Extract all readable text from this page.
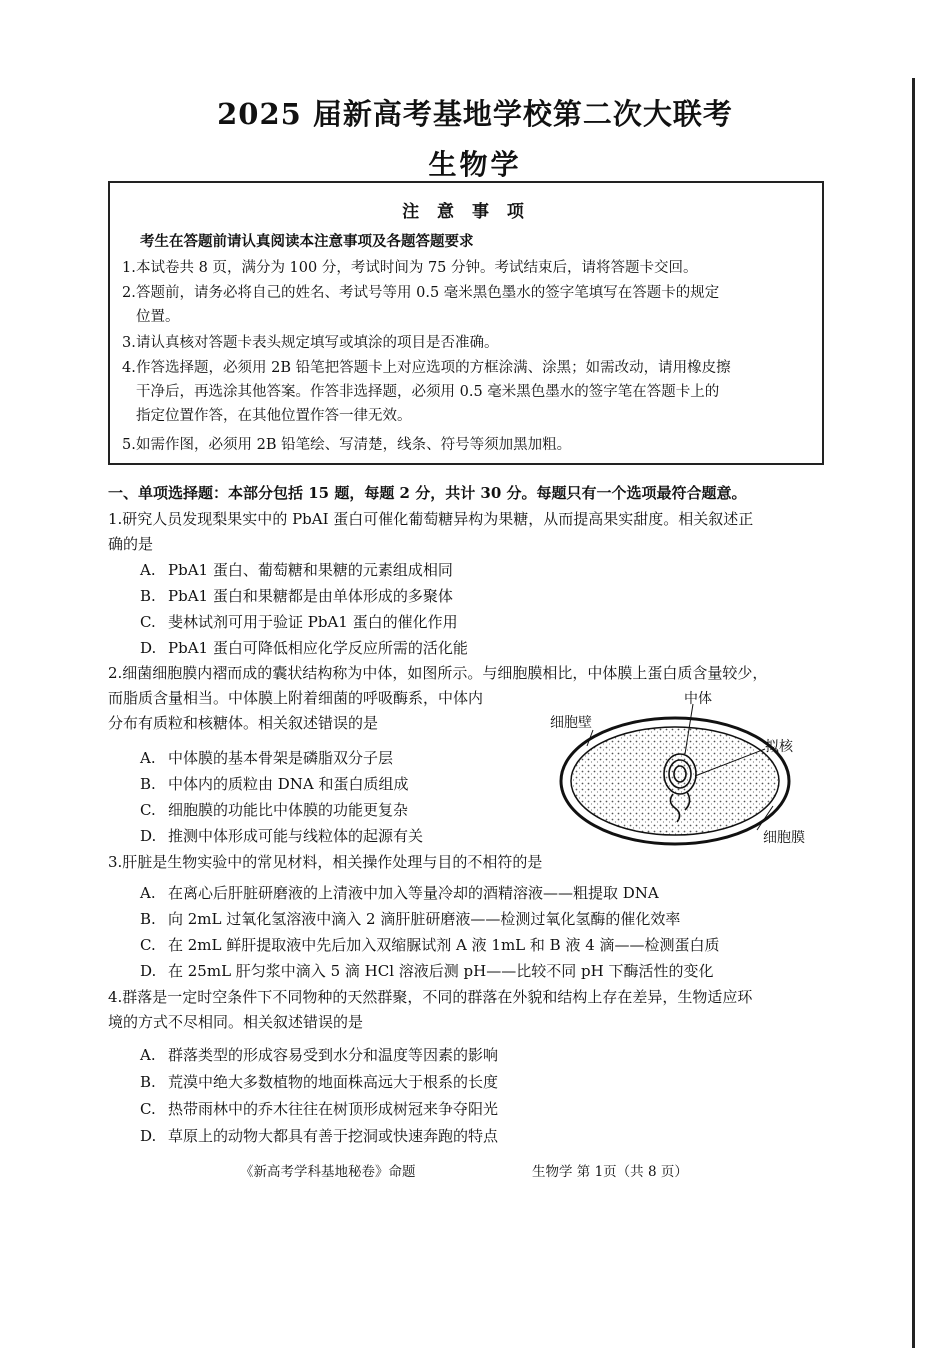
2025 届新高考基地学校第二次大联考
生物学
注 意 事 项
考生在答题前请认真阅读本注意事项及各题答题要求
1.本试卷共 8 页，满分为 100 分，考试时间为 75 分钟。考试结束后，请将答题卡交回。
2.答题前，请务必将自己的姓名、考试号等用 0.5 毫米黑色墨水的签字笔填写在答题卡的规定
位置。
3.请认真核对答题卡表头规定填写或填涂的项目是否准确。
4.作答选择题，必须用 2B 铅笔把答题卡上对应选项的方框涂满、涂黑；如需改动，请用橡皮擦
干净后，再选涂其他答案。作答非选择题，必须用 0.5 毫米黑色墨水的签字笔在答题卡上的
指定位置作答，在其他位置作答一律无效。
5.如需作图，必须用 2B 铅笔绘、写清楚，线条、符号等须加黑加粗。
一、单项选择题：本部分包括 15 题，每题 2 分，共计 30 分。每题只有一个选项最符合题意。
1.研究人员发现梨果实中的 PbAI 蛋白可催化葡萄糖异构为果糖，从而提高果实甜度。相关叙述正
确的是
A. PbA1 蛋白、葡萄糖和果糖的元素组成相同
B. PbA1 蛋白和果糖都是由单体形成的多聚体
C. 斐林试剂可用于验证 PbA1 蛋白的催化作用
D. PbA1 蛋白可降低相应化学反应所需的活化能
2.细菌细胞膜内褶而成的囊状结构称为中体，如图所示。与细胞膜相比，中体膜上蛋白质含量较少，
而脂质含量相当。中体膜上附着细菌的呼吸酶系，中体内
分布有质粒和核糖体。相关叙述错误的是
A. 中体膜的基本骨架是磷脂双分子层
B. 中体内的质粒由 DNA 和蛋白质组成
C. 细胞膜的功能比中体膜的功能更复杂
D. 推测中体形成可能与线粒体的起源有关
中体
细胞壁
拟核
细胞膜
3.肝脏是生物实验中的常见材料，相关操作处理与目的不相符的是
A. 在离心后肝脏研磨液的上清液中加入等量冷却的酒精溶液——粗提取 DNA
B. 向 2mL 过氧化氢溶液中滴入 2 滴肝脏研磨液——检测过氧化氢酶的催化效率
C. 在 2mL 鲜肝提取液中先后加入双缩脲试剂 A 液 1mL 和 B 液 4 滴——检测蛋白质
D. 在 25mL 肝匀浆中滴入 5 滴 HCl 溶液后测 pH——比较不同 pH 下酶活性的变化
4.群落是一定时空条件下不同物种的天然群聚，不同的群落在外貌和结构上存在差异，生物适应环
境的方式不尽相同。相关叙述错误的是
A. 群落类型的形成容易受到水分和温度等因素的影响
B. 荒漠中绝大多数植物的地面株高远大于根系的长度
C. 热带雨林中的乔木往往在树顶形成树冠来争夺阳光
D. 草原上的动物大都具有善于挖洞或快速奔跑的特点
《新高考学科基地秘卷》命题	生物学 第 1页（共 8 页）
